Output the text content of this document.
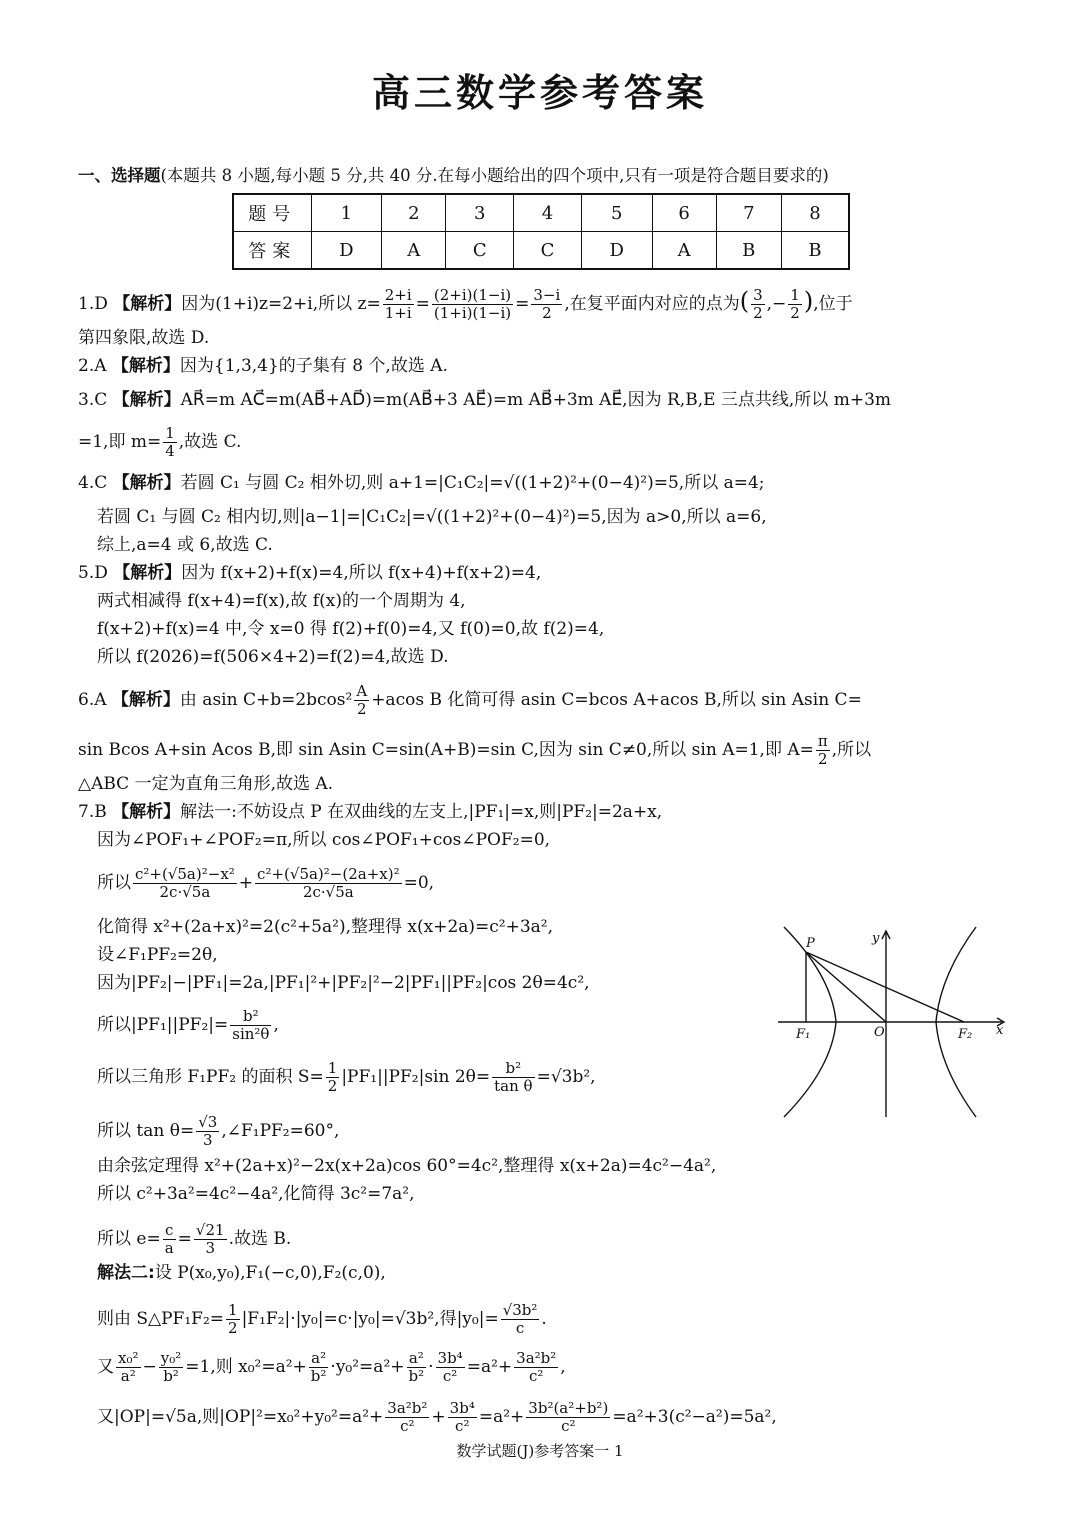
高三数学参考答案
一、选择题(本题共 8 小题,每小题 5 分,共 40 分.在每小题给出的四个项中,只有一项是符合题目要求的)
题号	1	2	3	4	5	6	7	8
答案	D	A	C	C	D	A	B	B
1.D 【解析】因为(1+i)z=2+i,所以 $z= \frac{2+i}{1+i} = \frac{(2+i)(1-i)}{(1+i)(1-i)} = \frac{3-i}{2}$ ,在复平面内对应的点为( $\frac{3}{2}$ ,− $\frac{1}{2}$ ),位于
第四象限,故选 D.
2.A 【解析】因为{1,3,4}的子集有 8 个,故选 A.
3.C 【解析】AR⃗=m AC⃗=m(AB⃗+AD⃗)=m(AB⃗+3 AE⃗)=m AB⃗+3m AE⃗,因为 R,B,E 三点共线,所以 m+3m
=1,即 $m= \frac{1}{4}$ ,故选 C.
4.C 【解析】若圆 C₁ 与圆 C₂ 相外切,则 a+1=|C₁C₂|=√((1+2)²+(0−4)²)=5,所以 a=4;
若圆 C₁ 与圆 C₂ 相内切,则|a−1|=|C₁C₂|=√((1+2)²+(0−4)²)=5,因为 a>0,所以 a=6,
综上,a=4 或 6,故选 C.
5.D 【解析】因为 f(x+2)+f(x)=4,所以 f(x+4)+f(x+2)=4,
两式相减得 f(x+4)=f(x),故 f(x)的一个周期为 4,
f(x+2)+f(x)=4 中,令 x=0 得 f(2)+f(0)=4,又 f(0)=0,故 f(2)=4,
所以 f(2026)=f(506×4+2)=f(2)=4,故选 D.
6.A 【解析】由 asin $C+b=2bcos^2 \frac{A}{2} +acos$ B 化简可得 asin C=bcos A+acos B,所以 sin Asin C=
sin Bcos A+sin Acos B,即 sin Asin C=sin(A+B)=sin C,因为 sin C≠0,所以 sin A=1,即 $A= \frac{\pi}{2}$ ,所以
△ABC 一定为直角三角形,故选 A.
7.B 【解析】解法一:不妨设点 P 在双曲线的左支上,|PF₁|=x,则|PF₂|=2a+x,
因为∠POF₁+∠POF₂=π,所以 cos∠POF₁+cos∠POF₂=0,
所以 $\frac{\text{c²+(√5a)²−x²}}{2c\cdot√5a} + \frac{\text{c²+(√5a)²−(2a+x)²}}{2c\cdot√5a} =0$,
化简得 x²+(2a+x)²=2(c²+5a²),整理得 x(x+2a)=c²+3a²,
设∠F₁PF₂=2θ,
因为|PF₂|−|PF₁|=2a,|PF₁|²+|PF₂|²−2|PF₁||PF₂|cos 2θ=4c²,
所以$|PF_1||PF_2|= \frac{\text{b²}}{\text{sin²θ}}$ ,
所以三角形 F₁PF₂ 的面积 $S= \frac{1}{2} |PF_1||PF_2|\sin$ $2\theta= \frac{\text{b²}}{\text{tan θ}} =√3b^2$,
所以 $\tan \theta= \frac{√3}{3}$ ,∠F₁PF₂=60°,
由余弦定理得 x²+(2a+x)²−2x(x+2a)cos 60°=4c²,整理得 x(x+2a)=4c²−4a²,
所以 c²+3a²=4c²−4a²,化简得 3c²=7a²,
所以 $e= \frac{c}{a} = \frac{√21}{3}$ .故选 B.
解法二:设 P(x₀,y₀),F₁(−c,0),F₂(c,0),
则由 S△PF₁F₂= $\frac{1}{2} |F_1F_2|\cdot|y_0|=c\cdot|y_0|=√3b^2$,得$|y_0|= \frac{\text{√3b²}}{c}$ .
又 $\frac{\text{x₀²}}{\text{a²}} - \frac{\text{y₀²}}{\text{b²}} =1$,则 $x_0^2=a^2+ \frac{\text{a²}}{\text{b²}} \cdot y_0^2=a^2+ \frac{\text{a²}}{\text{b²}} \cdot \frac{\text{3b⁴}}{\text{c²}} =a^2+ \frac{\text{3a²b²}}{\text{c²}}$ ,
又|OP|=√5a,则$|OP|^2=x_0^2+y_0^2=a^2+ \frac{\text{3a²b²}}{\text{c²}} + \frac{\text{3b⁴}}{\text{c²}} =a^2+ \frac{\text{3b²(a²+b²)}}{\text{c²}} =a^2+3(c^2-a^2)=5a^2$,
P	y
x
F₁	O	F₂
数学试题(J)参考答案一 1
